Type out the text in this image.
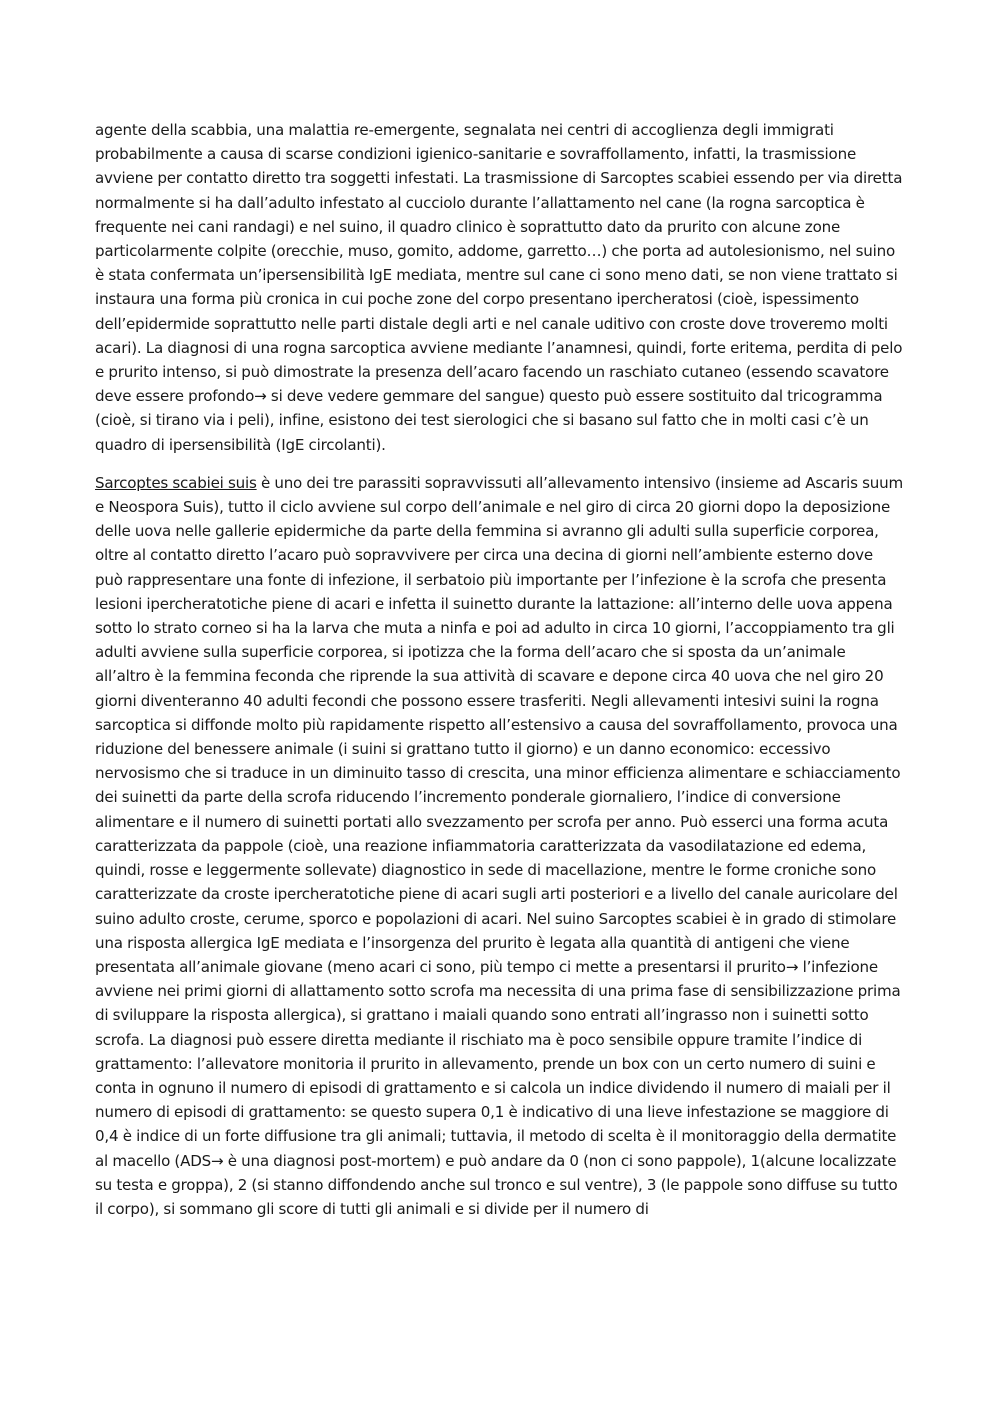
agente della scabbia, una malattia re-emergente, segnalata nei centri di accoglienza degli immigrati probabilmente a causa di scarse condizioni igienico-sanitarie e sovraffollamento, infatti, la trasmissione avviene per contatto diretto tra soggetti infestati. La trasmissione di Sarcoptes scabiei essendo per via diretta normalmente si ha dall’adulto infestato al cucciolo durante l’allattamento nel cane (la rogna sarcoptica è frequente nei cani randagi) e nel suino, il quadro clinico è soprattutto dato da prurito con alcune zone particolarmente colpite (orecchie, muso, gomito, addome, garretto…) che porta ad autolesionismo, nel suino è stata confermata un’ipersensibilità IgE mediata, mentre sul cane ci sono meno dati, se non viene trattato si instaura una forma più cronica in cui poche zone del corpo presentano ipercheratosi (cioè, ispessimento dell’epidermide soprattutto nelle parti distale degli arti e nel canale uditivo con croste dove troveremo molti acari). La diagnosi di una rogna sarcoptica avviene mediante l’anamnesi, quindi, forte eritema, perdita di pelo e prurito intenso, si può dimostrate la presenza dell’acaro facendo un raschiato cutaneo (essendo scavatore deve essere profondo→ si deve vedere gemmare del sangue) questo può essere sostituito dal tricogramma (cioè, si tirano via i peli), infine, esistono dei test sierologici che si basano sul fatto che in molti casi c’è un quadro di ipersensibilità (IgE circolanti).

Sarcoptes scabiei suis è uno dei tre parassiti sopravvissuti all’allevamento intensivo (insieme ad Ascaris suum e Neospora Suis), tutto il ciclo avviene sul corpo dell’animale e nel giro di circa 20 giorni dopo la deposizione delle uova nelle gallerie epidermiche da parte della femmina si avranno gli adulti sulla superficie corporea, oltre al contatto diretto l’acaro può sopravvivere per circa una decina di giorni nell’ambiente esterno dove può rappresentare una fonte di infezione, il serbatoio più importante per l’infezione è la scrofa che presenta lesioni ipercheratotiche piene di acari e infetta il suinetto durante la lattazione: all’interno delle uova appena sotto lo strato corneo si ha la larva che muta a ninfa e poi ad adulto in circa 10 giorni, l’accoppiamento tra gli adulti avviene sulla superficie corporea, si ipotizza che la forma dell’acaro che si sposta da un’animale all’altro è la femmina feconda che riprende la sua attività di scavare e depone circa 40 uova che nel giro 20 giorni diventeranno 40 adulti fecondi che possono essere trasferiti. Negli allevamenti intesivi suini la rogna sarcoptica si diffonde molto più rapidamente rispetto all’estensivo a causa del sovraffollamento, provoca una riduzione del benessere animale (i suini si grattano tutto il giorno) e un danno economico: eccessivo nervosismo che si traduce in un diminuito tasso di crescita, una minor efficienza alimentare e schiacciamento dei suinetti da parte della scrofa riducendo l’incremento ponderale giornaliero, l’indice di conversione alimentare e il numero di suinetti portati allo svezzamento per scrofa per anno. Può esserci una forma acuta caratterizzata da pappole (cioè, una reazione infiammatoria caratterizzata da vasodilatazione ed edema, quindi, rosse e leggermente sollevate) diagnostico in sede di macellazione, mentre le forme croniche sono caratterizzate da croste ipercheratotiche piene di acari sugli arti posteriori e a livello del canale auricolare del suino adulto croste, cerume, sporco e popolazioni di acari. Nel suino Sarcoptes scabiei è in grado di stimolare una risposta allergica IgE mediata e l’insorgenza del prurito è legata alla quantità di antigeni che viene presentata all’animale giovane (meno acari ci sono, più tempo ci mette a presentarsi il prurito→ l’infezione avviene nei primi giorni di allattamento sotto scrofa ma necessita di una prima fase di sensibilizzazione prima di sviluppare la risposta allergica), si grattano i maiali quando sono entrati all’ingrasso non i suinetti sotto scrofa. La diagnosi può essere diretta mediante il rischiato ma è poco sensibile oppure tramite l’indice di grattamento: l’allevatore monitoria il prurito in allevamento, prende un box con un certo numero di suini e conta in ognuno il numero di episodi di grattamento e si calcola un indice dividendo il numero di maiali per il numero di episodi di grattamento: se questo supera 0,1 è indicativo di una lieve infestazione se maggiore di 0,4 è indice di un forte diffusione tra gli animali; tuttavia, il metodo di scelta è il monitoraggio della dermatite al macello (ADS→ è una diagnosi post-mortem) e può andare da 0 (non ci sono pappole), 1(alcune localizzate su testa e groppa), 2 (si stanno diffondendo anche sul tronco e sul ventre), 3 (le pappole sono diffuse su tutto il corpo), si sommano gli score di tutti gli animali e si divide per il numero di
